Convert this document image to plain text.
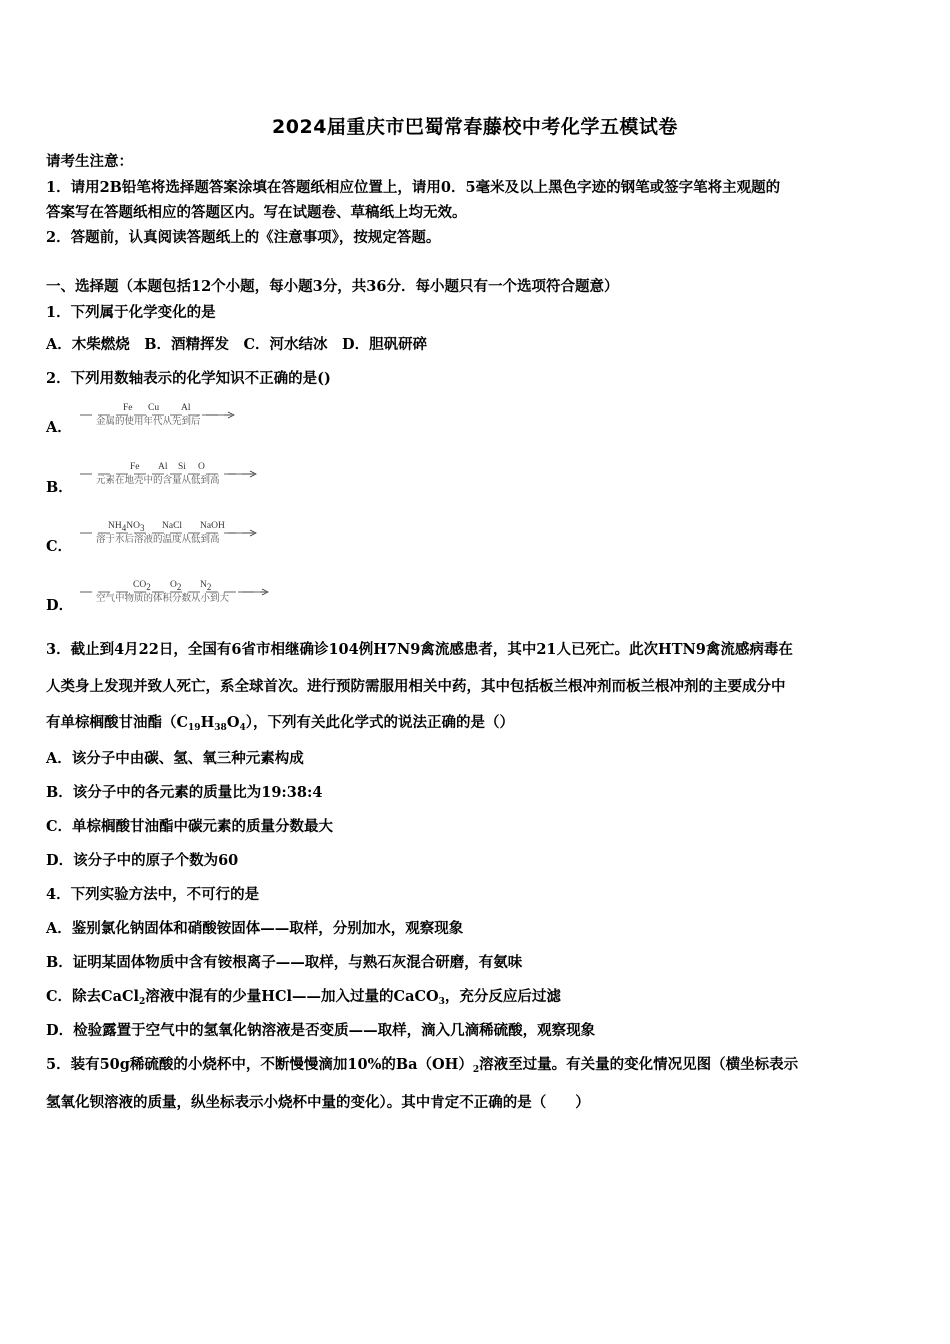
2024届重庆市巴蜀常春藤校中考化学五模试卷
请考生注意：
1．请用2B铅笔将选择题答案涂填在答题纸相应位置上，请用0．5毫米及以上黑色字迹的钢笔或签字笔将主观题的
答案写在答题纸相应的答题区内。写在试题卷、草稿纸上均无效。
2．答题前，认真阅读答题纸上的《注意事项》，按规定答题。
一、选择题（本题包括12个小题，每小题3分，共36分．每小题只有一个选项符合题意）
1．下列属于化学变化的是
A．木柴燃烧　B．酒精挥发　C．河水结冰　D．胆矾研碎
2．下列用数轴表示的化学知识不正确的是()
A．
Fe Cu Al
金属的使用年代从先到后
B．
Fe Al Si O
元素在地壳中的含量从低到高
C．
NH4NO3 NaCl NaOH
溶于水后溶液的温度从低到高
D．
CO2 O2 N2
空气中物质的体积分数从小到大
3．截止到4月22日，全国有6省市相继确诊104例H7N9禽流感患者，其中21人已死亡。此次HTN9禽流感病毒在
人类身上发现并致人死亡，系全球首次。进行预防需服用相关中药，其中包括板兰根冲剂而板兰根冲剂的主要成分中
有单棕榈酸甘油酯$(C_{19}H_{38}O_4)$，下列有关此化学式的说法正确的是（）
A．该分子中由碳、氢、氧三种元素构成
B．该分子中的各元素的质量比为19:38:4
C．单棕榈酸甘油酯中碳元素的质量分数最大
D．该分子中的原子个数为60
4．下列实验方法中，不可行的是
A．鉴别氯化钠固体和硝酸铵固体——取样，分别加水，观察现象
B．证明某固体物质中含有铵根离子——取样，与熟石灰混合研磨，有氨味
C．除去CaCl$_2$溶液中混有的少量HCl——加入过量的CaCO$_3$，充分反应后过滤
D．检验露置于空气中的氢氧化钠溶液是否变质——取样，滴入几滴稀硫酸，观察现象
5．装有50g稀硫酸的小烧杯中，不断慢慢滴加10%的$Ba(OH)_2$溶液至过量。有关量的变化情况见图（横坐标表示
氢氧化钡溶液的质量，纵坐标表示小烧杯中量的变化）。其中肯定不正确的是（　　）
